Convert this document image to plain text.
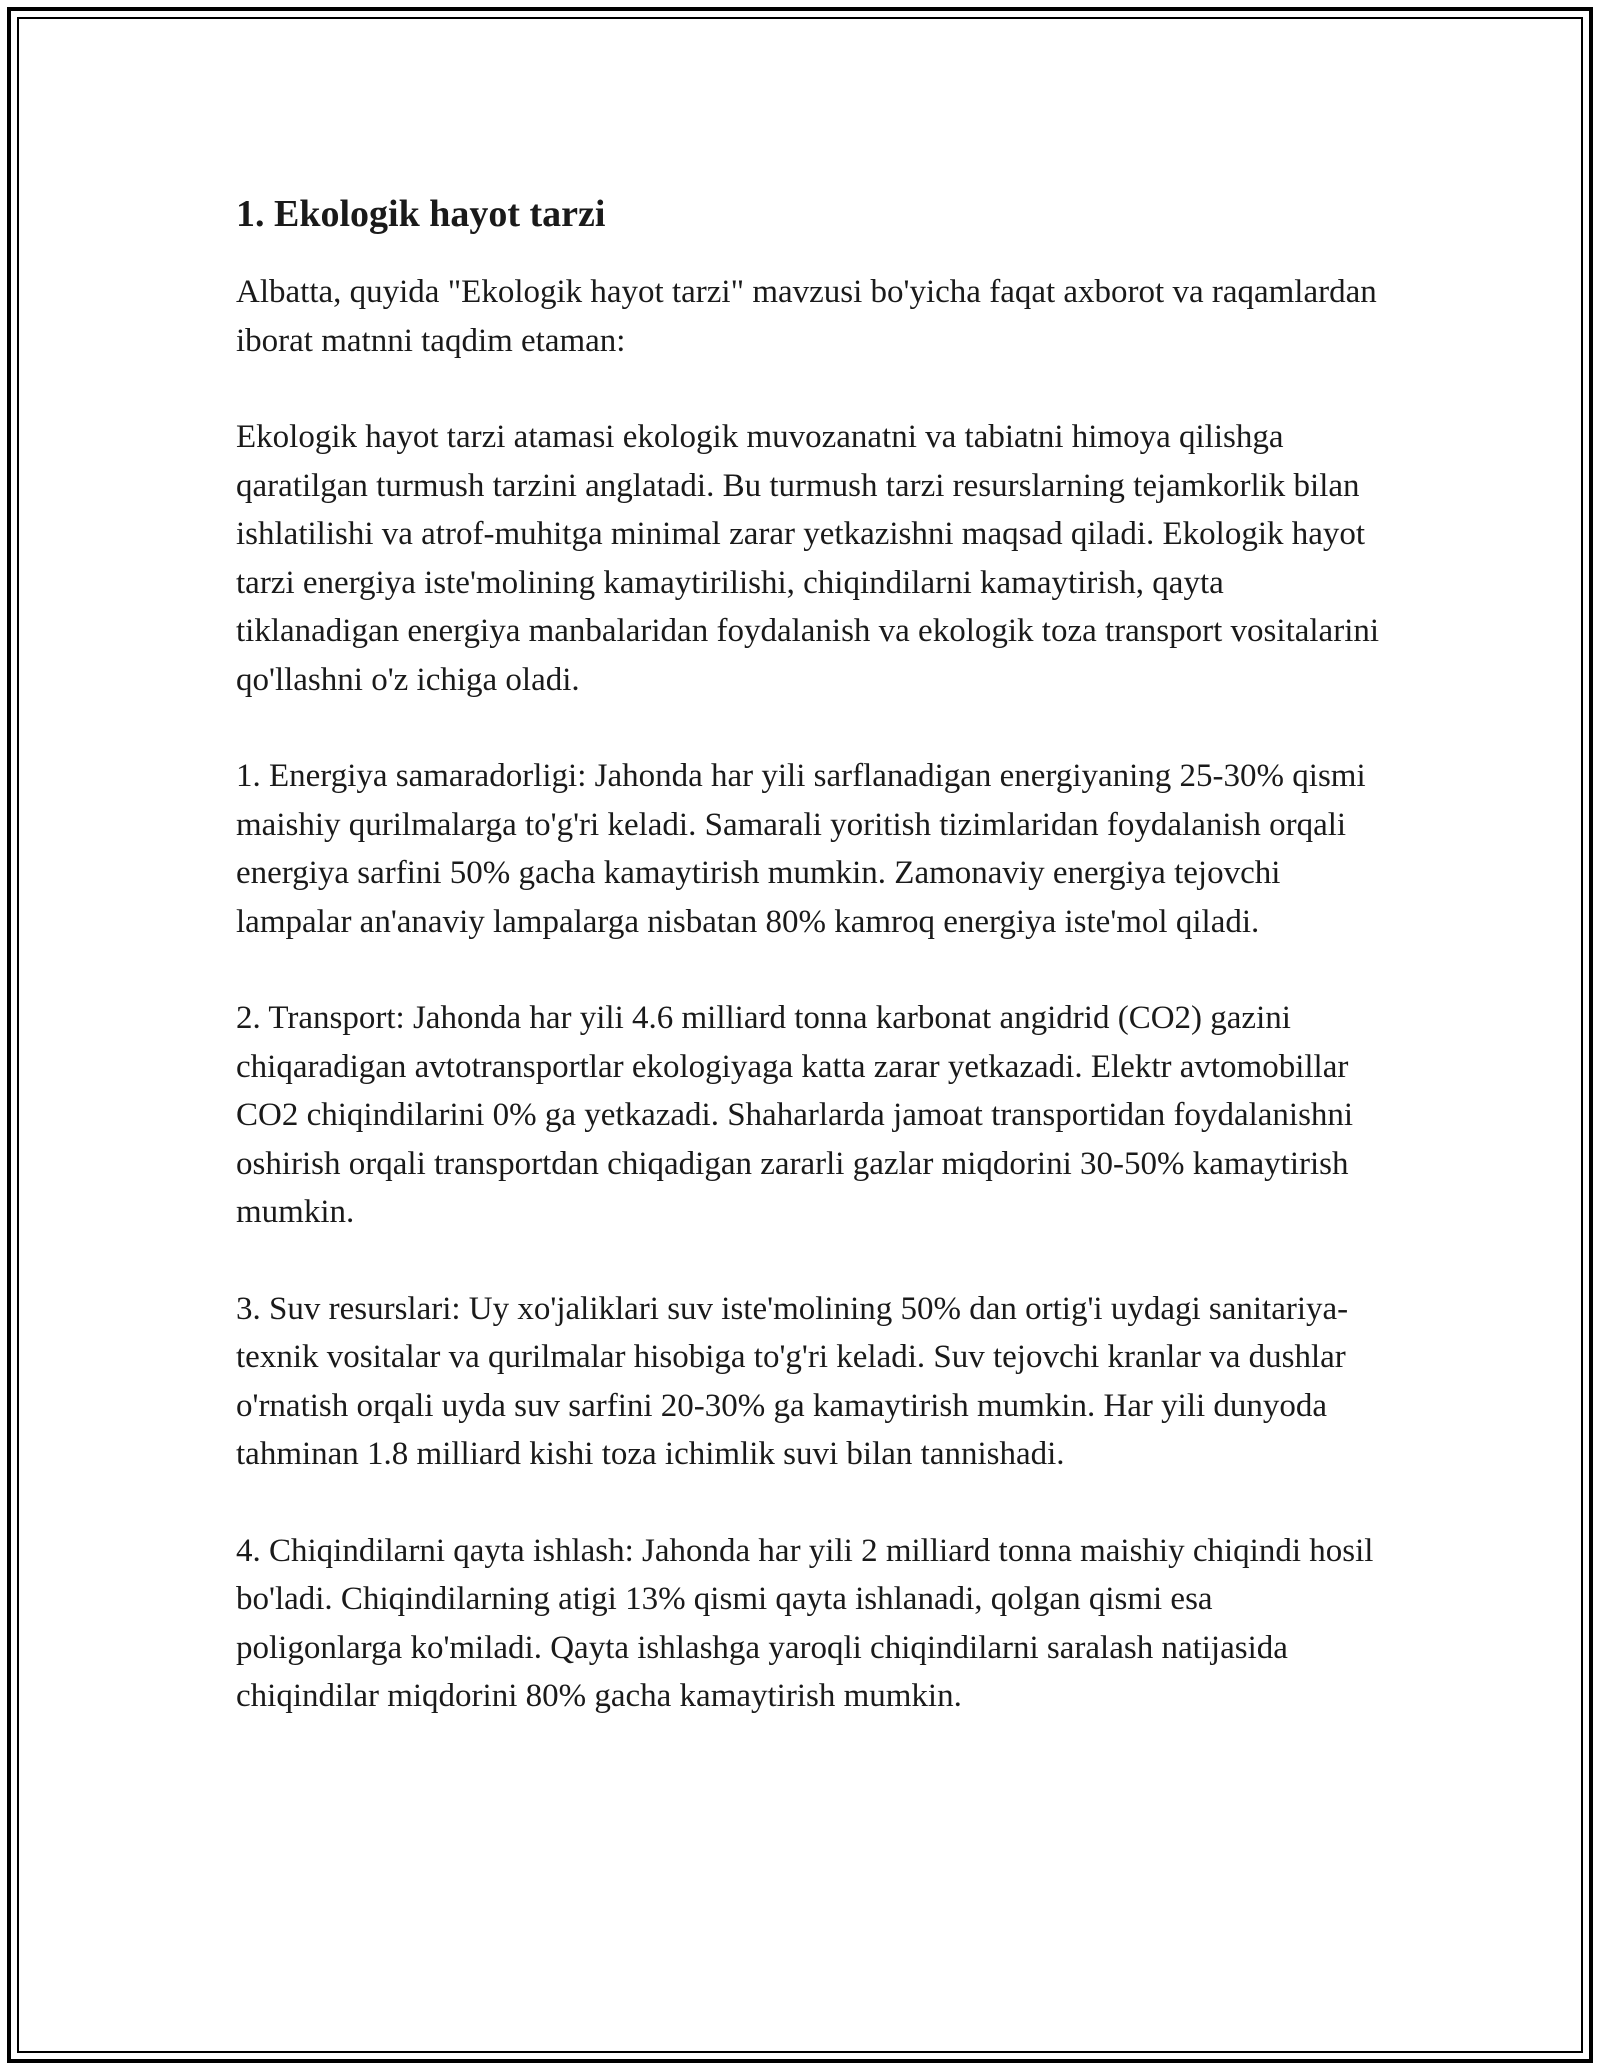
1. Ekologik hayot tarzi

Albatta, quyida "Ekologik hayot tarzi" mavzusi bo'yicha faqat axborot va raqamlardan iborat matnni taqdim etaman:

Ekologik hayot tarzi atamasi ekologik muvozanatni va tabiatni himoya qilishga qaratilgan turmush tarzini anglatadi. Bu turmush tarzi resurslarning tejamkorlik bilan ishlatilishi va atrof-muhitga minimal zarar yetkazishni maqsad qiladi. Ekologik hayot tarzi energiya iste'molining kamaytirilishi, chiqindilarni kamaytirish, qayta tiklanadigan energiya manbalaridan foydalanish va ekologik toza transport vositalarini qo'llashni o'z ichiga oladi.

1. Energiya samaradorligi: Jahonda har yili sarflanadigan energiyaning 25-30% qismi maishiy qurilmalarga to'g'ri keladi. Samarali yoritish tizimlaridan foydalanish orqali energiya sarfini 50% gacha kamaytirish mumkin. Zamonaviy energiya tejovchi lampalar an'anaviy lampalarga nisbatan 80% kamroq energiya iste'mol qiladi.

2. Transport: Jahonda har yili 4.6 milliard tonna karbonat angidrid (CO2) gazini chiqaradigan avtotransportlar ekologiyaga katta zarar yetkazadi. Elektr avtomobillar CO2 chiqindilarini 0% ga yetkazadi. Shaharlarda jamoat transportidan foydalanishni oshirish orqali transportdan chiqadigan zararli gazlar miqdorini 30-50% kamaytirish mumkin.

3. Suv resurslari: Uy xo'jaliklari suv iste'molining 50% dan ortig'i uydagi sanitariya-texnik vositalar va qurilmalar hisobiga to'g'ri keladi. Suv tejovchi kranlar va dushlar o'rnatish orqali uyda suv sarfini 20-30% ga kamaytirish mumkin. Har yili dunyoda tahminan 1.8 milliard kishi toza ichimlik suvi bilan tannishadi.

4. Chiqindilarni qayta ishlash: Jahonda har yili 2 milliard tonna maishiy chiqindi hosil bo'ladi. Chiqindilarning atigi 13% qismi qayta ishlanadi, qolgan qismi esa poligonlarga ko'miladi. Qayta ishlashga yaroqli chiqindilarni saralash natijasida chiqindilar miqdorini 80% gacha kamaytirish mumkin.
